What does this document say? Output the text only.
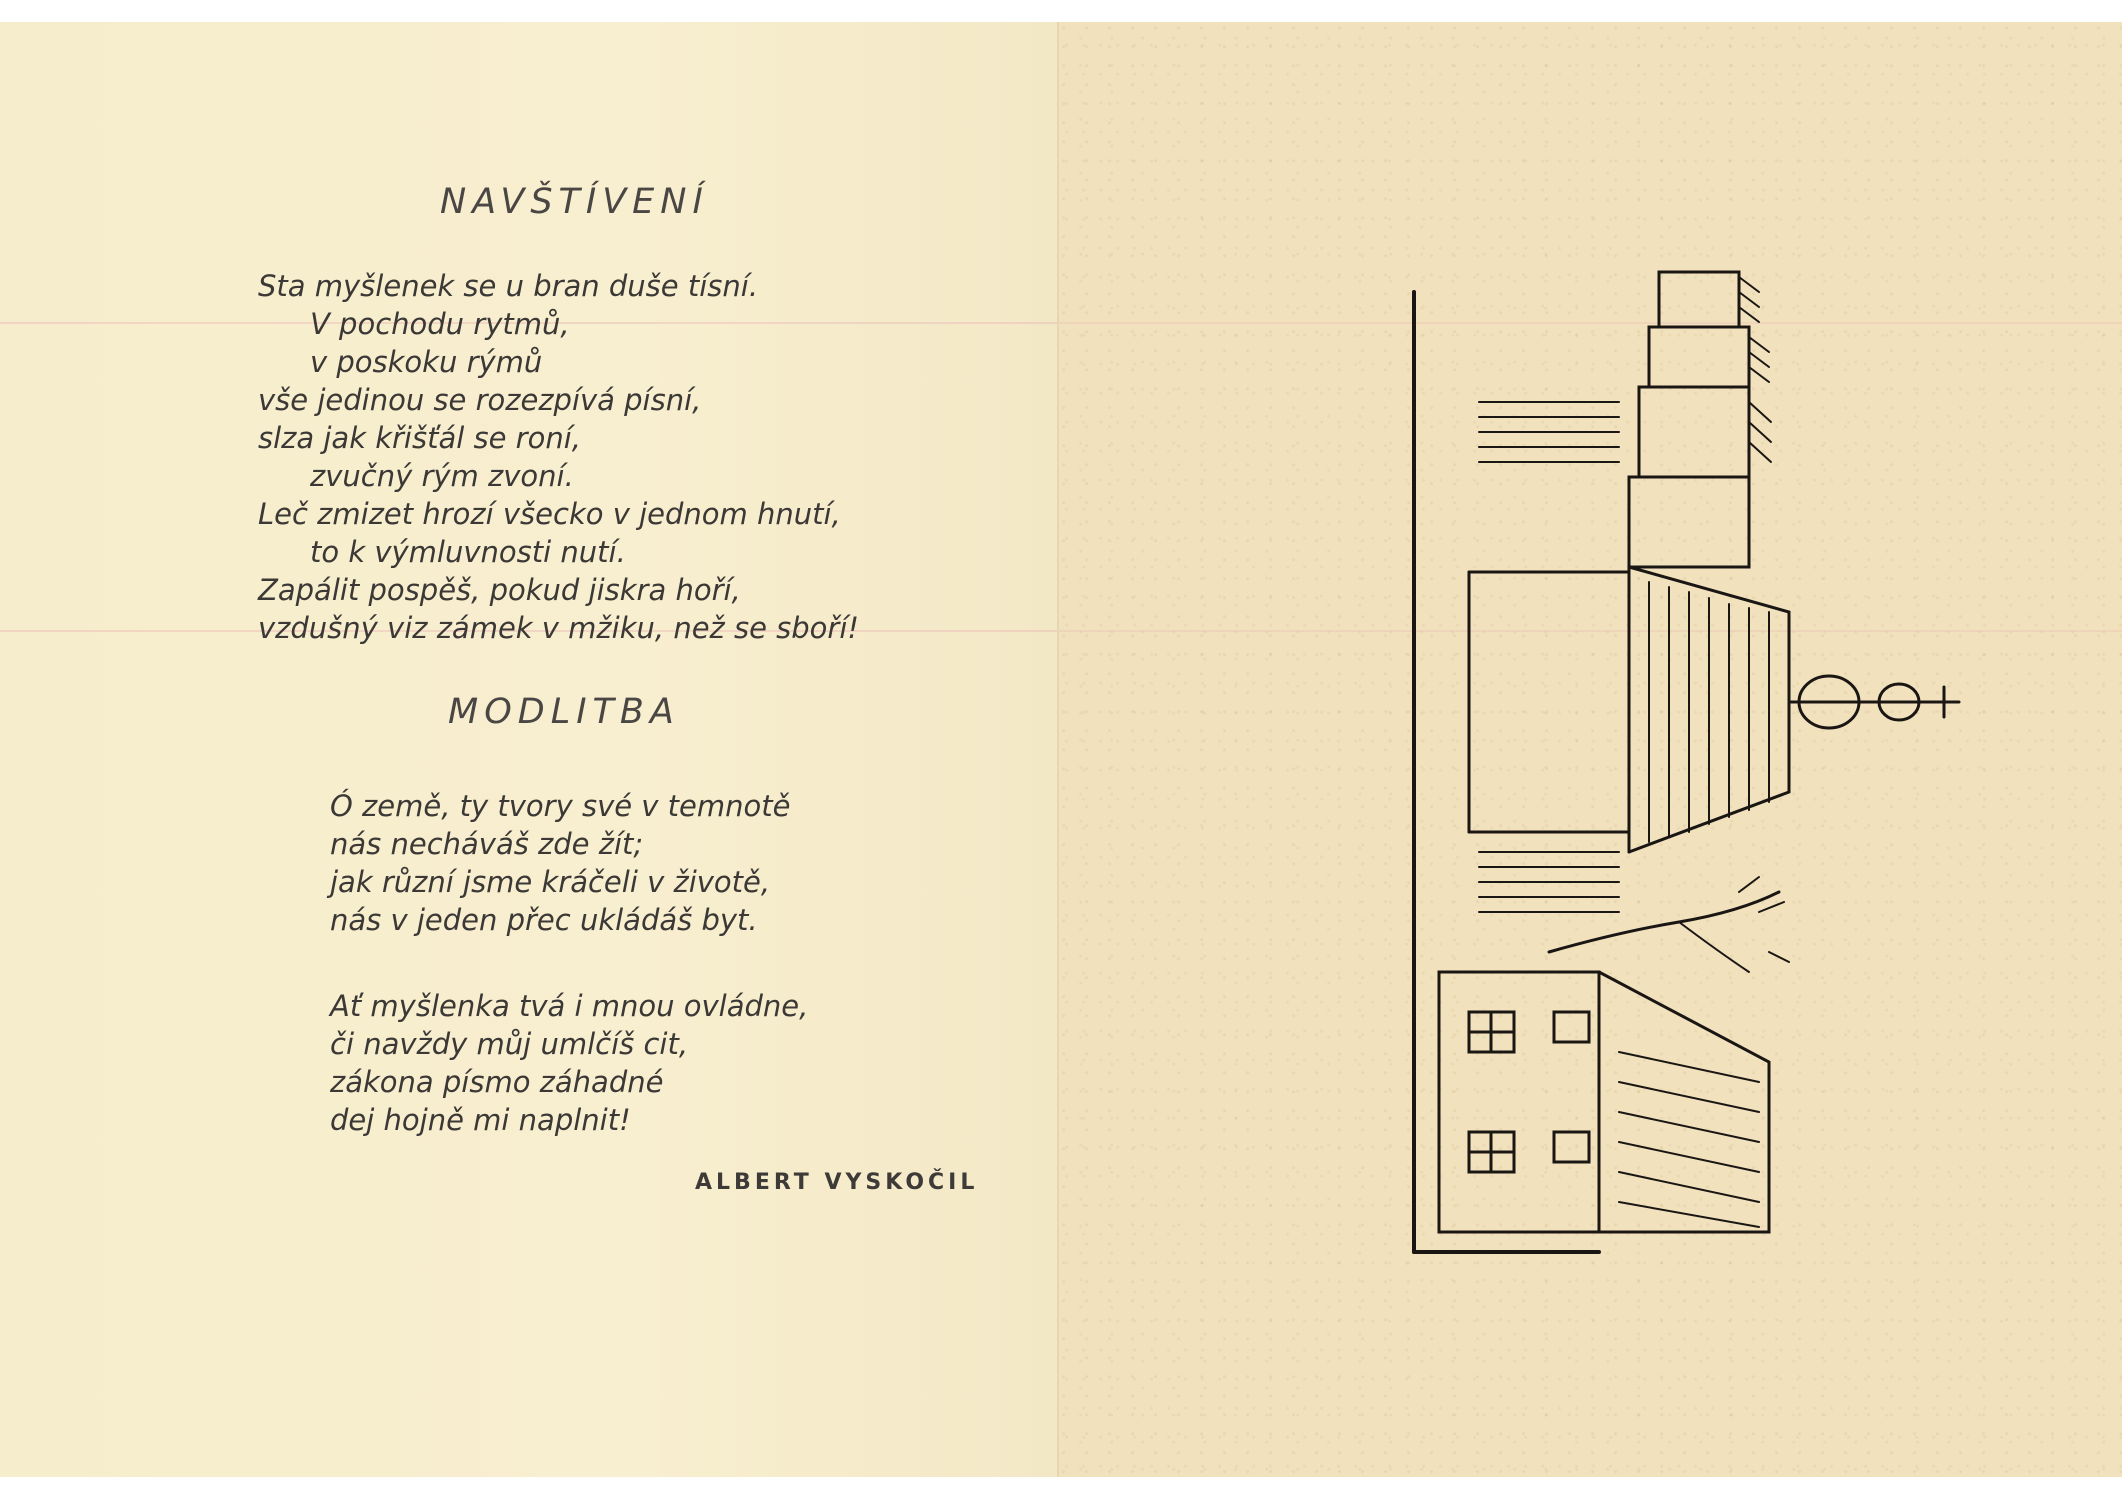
NAVŠTÍVENÍ
Sta myšlenek se u bran duše tísní.
V pochodu rytmů,
v poskoku rýmů
vše jedinou se rozezpívá písní,
slza jak křišťál se roní,
zvučný rým zvoní.
Leč zmizet hrozí všecko v jednom hnutí,
to k výmluvnosti nutí.
Zapálit pospěš, pokud jiskra hoří,
vzdušný viz zámek v mžiku, než se sboří!
MODLITBA
Ó země, ty tvory své v temnotě
nás necháváš zde žít;
jak různí jsme kráčeli v životě,
nás v jeden přec ukládáš byt.
Ať myšlenka tvá i mnou ovládne,
či navždy můj umlčíš cit,
zákona písmo záhadné
dej hojně mi naplnit!
ALBERT VYSKOČIL
